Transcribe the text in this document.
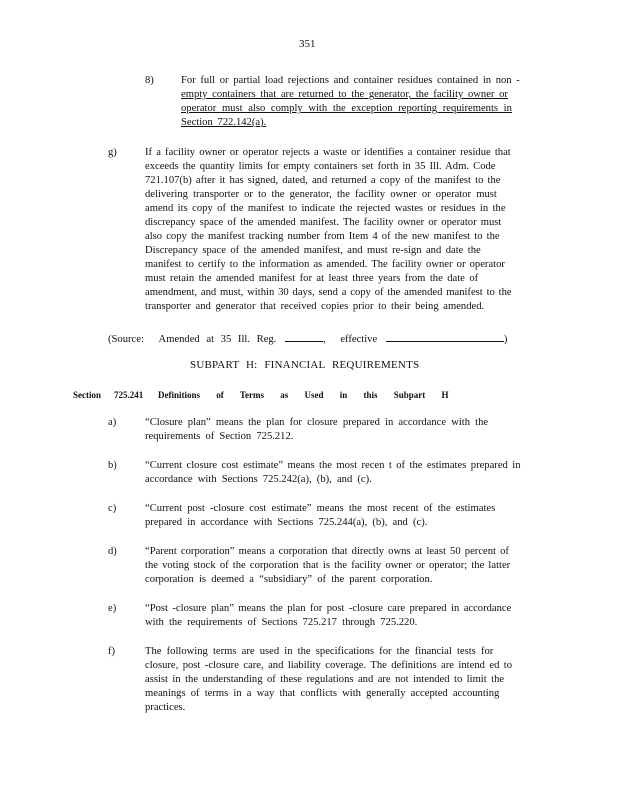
351
8)	For full or partial load rejections and container residues contained in non -
empty containers that are returned to the generator, the facility owner or
operator must also comply with the exception reporting requirements in
Section 722.142(a).
g)	If a facility owner or operator rejects a waste or identifies a container residue that
exceeds the quantity limits for empty containers set forth in 35 Ill. Adm. Code
721.107(b) after it has signed, dated, and returned a copy of the manifest to the
delivering transporter or to the generator, the facility owner or operator must
amend its copy of the manifest to indicate the rejected wastes or residues in the
discrepancy space of the amended manifest. The facility owner or operator must
also copy the manifest tracking number from Item 4 of the new manifest to the
Discrepancy space of the amended manifest, and must re-sign and date the
manifest to certify to the information as amended. The facility owner or operator
must retain the amended manifest for at least three years from the date of
amendment, and must, within 30 days, send a copy of the amended manifest to the
transporter and generator that received copies prior to their being amended.
(Source: Amended at 35 Ill. Reg.	, effective	)
SUBPART H: FINANCIAL REQUIREMENTS
Section 725.241 Definitions of Terms as Used in this Subpart H
a)	“Closure plan” means the plan for closure prepared in accordance with the
requirements of Section 725.212.
b)	“Current closure cost estimate” means the most recen t of the estimates prepared in
accordance with Sections 725.242(a), (b), and (c).
c)	“Current post -closure cost estimate” means the most recent of the estimates
prepared in accordance with Sections 725.244(a), (b), and (c).
d)	“Parent corporation” means a corporation that directly owns at least 50 percent of
the voting stock of the corporation that is the facility owner or operator; the latter
corporation is deemed a “subsidiary” of the parent corporation.
e)	“Post -closure plan” means the plan for post -closure care prepared in accordance
with the requirements of Sections 725.217 through 725.220.
f)	The following terms are used in the specifications for the financial tests for
closure, post -closure care, and liability coverage. The definitions are intend ed to
assist in the understanding of these regulations and are not intended to limit the
meanings of terms in a way that conflicts with generally accepted accounting
practices.
